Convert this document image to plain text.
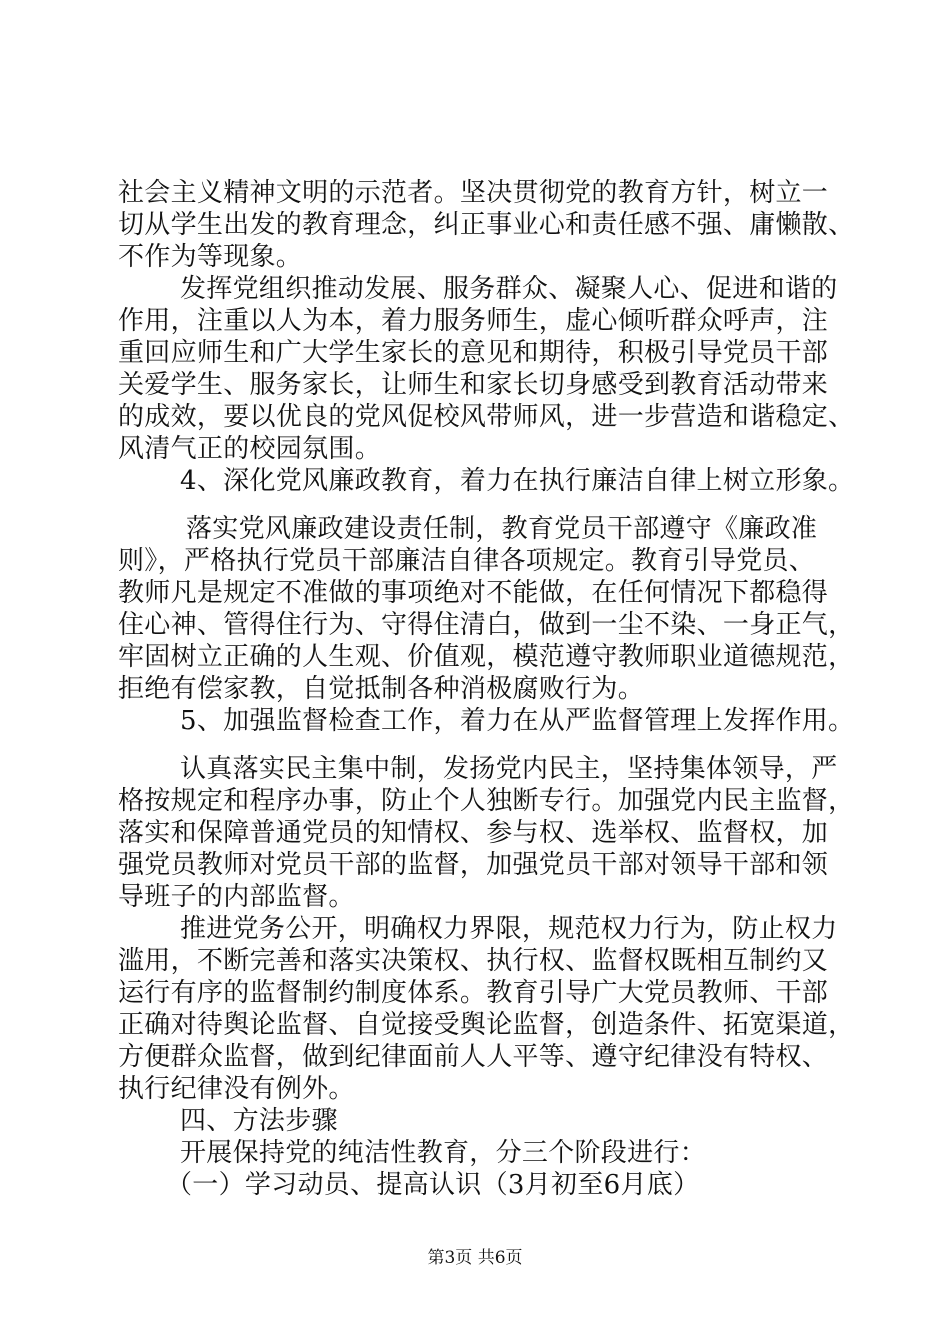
社会主义精神文明的示范者。坚决贯彻党的教育方针，树立一

切从学生出发的教育理念，纠正事业心和责任感不强、庸懒散、

不作为等现象。

发挥党组织推动发展、服务群众、凝聚人心、促进和谐的

作用，注重以人为本，着力服务师生，虚心倾听群众呼声，注

重回应师生和广大学生家长的意见和期待，积极引导党员干部

关爱学生、服务家长，让师生和家长切身感受到教育活动带来

的成效，要以优良的党风促校风带师风，进一步营造和谐稳定、

风清气正的校园氛围。

4、深化党风廉政教育，着力在执行廉洁自律上树立形象。

落实党风廉政建设责任制，教育党员干部遵守《廉政准

则》，严格执行党员干部廉洁自律各项规定。教育引导党员、

教师凡是规定不准做的事项绝对不能做，在任何情况下都稳得

住心神、管得住行为、守得住清白，做到一尘不染、一身正气，

牢固树立正确的人生观、价值观，模范遵守教师职业道德规范，

拒绝有偿家教，自觉抵制各种消极腐败行为。

5、加强监督检查工作，着力在从严监督管理上发挥作用。

认真落实民主集中制，发扬党内民主，坚持集体领导，严

格按规定和程序办事，防止个人独断专行。加强党内民主监督，

落实和保障普通党员的知情权、参与权、选举权、监督权，加

强党员教师对党员干部的监督，加强党员干部对领导干部和领

导班子的内部监督。

推进党务公开，明确权力界限，规范权力行为，防止权力

滥用，不断完善和落实决策权、执行权、监督权既相互制约又

运行有序的监督制约制度体系。教育引导广大党员教师、干部

正确对待舆论监督、自觉接受舆论监督，创造条件、拓宽渠道，

方便群众监督，做到纪律面前人人平等、遵守纪律没有特权、

执行纪律没有例外。

四、方法步骤

开展保持党的纯洁性教育，分三个阶段进行：

（一）学习动员、提高认识（3月初至6月底）

第3页 共6页
